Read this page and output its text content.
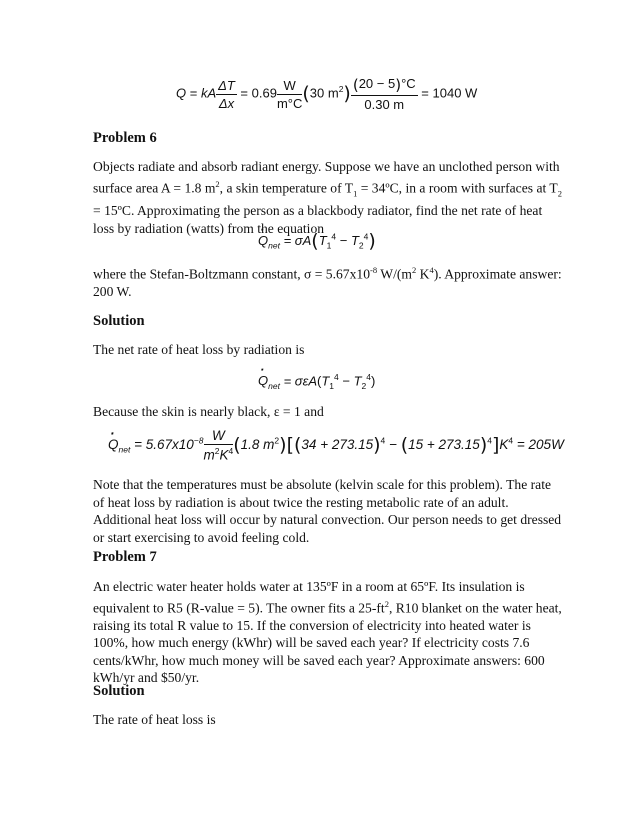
Q = kA $\frac{\Delta T}{\Delta x} = 0.69 \frac{W}{m^\circ C} (30$ $m^2) \frac{(20 - 5)^\circ C}{0.30 m} = 1040$ W
Problem 6
Objects radiate and absorb radiant energy. Suppose we have an unclothed person with surface area A = 1.8 $m^2$, a skin temperature of $T_1$ = 34ºC, in a room with surfaces at $T_2$ = 15ºC. Approximating the person as a blackbody radiator, find the net rate of heat loss by radiation (watts) from the equation
· $Q_{net} = \sigma A(T_1^4 - T_2^4)$
where the Stefan-Boltzmann constant, $\sigma = 5.67x10^{-8}$ $W/(m^2$ $K^4$). Approximate answer: 200 W.
Solution
The net rate of heat loss by radiation is
· $Q_{net} = \sigma\varepsilon A(T_1^4 - T_2^4)$
Because the skin is nearly black, ε = 1 and
· $Q_{net} = 5.67x10^{-8} \frac{W}{m^2K^4} (1.8$ $m^2)[(34 + 273.15)^4 - (15 + 273.15)^4]K^4 = 205W$
Note that the temperatures must be absolute (kelvin scale for this problem). The rate of heat loss by radiation is about twice the resting metabolic rate of an adult. Additional heat loss will occur by natural convection. Our person needs to get dressed or start exercising to avoid feeling cold.
Problem 7
An electric water heater holds water at 135ºF in a room at 65ºF. Its insulation is equivalent to R5 (R-value = 5). The owner fits a $25-ft^2$, R10 blanket on the water heat, raising its total R value to 15. If the conversion of electricity into heated water is 100%, how much energy (kWhr) will be saved each year? If electricity costs 7.6 cents/kWhr, how much money will be saved each year? Approximate answers: 600 kWh/yr and $50/yr.
Solution
The rate of heat loss is
